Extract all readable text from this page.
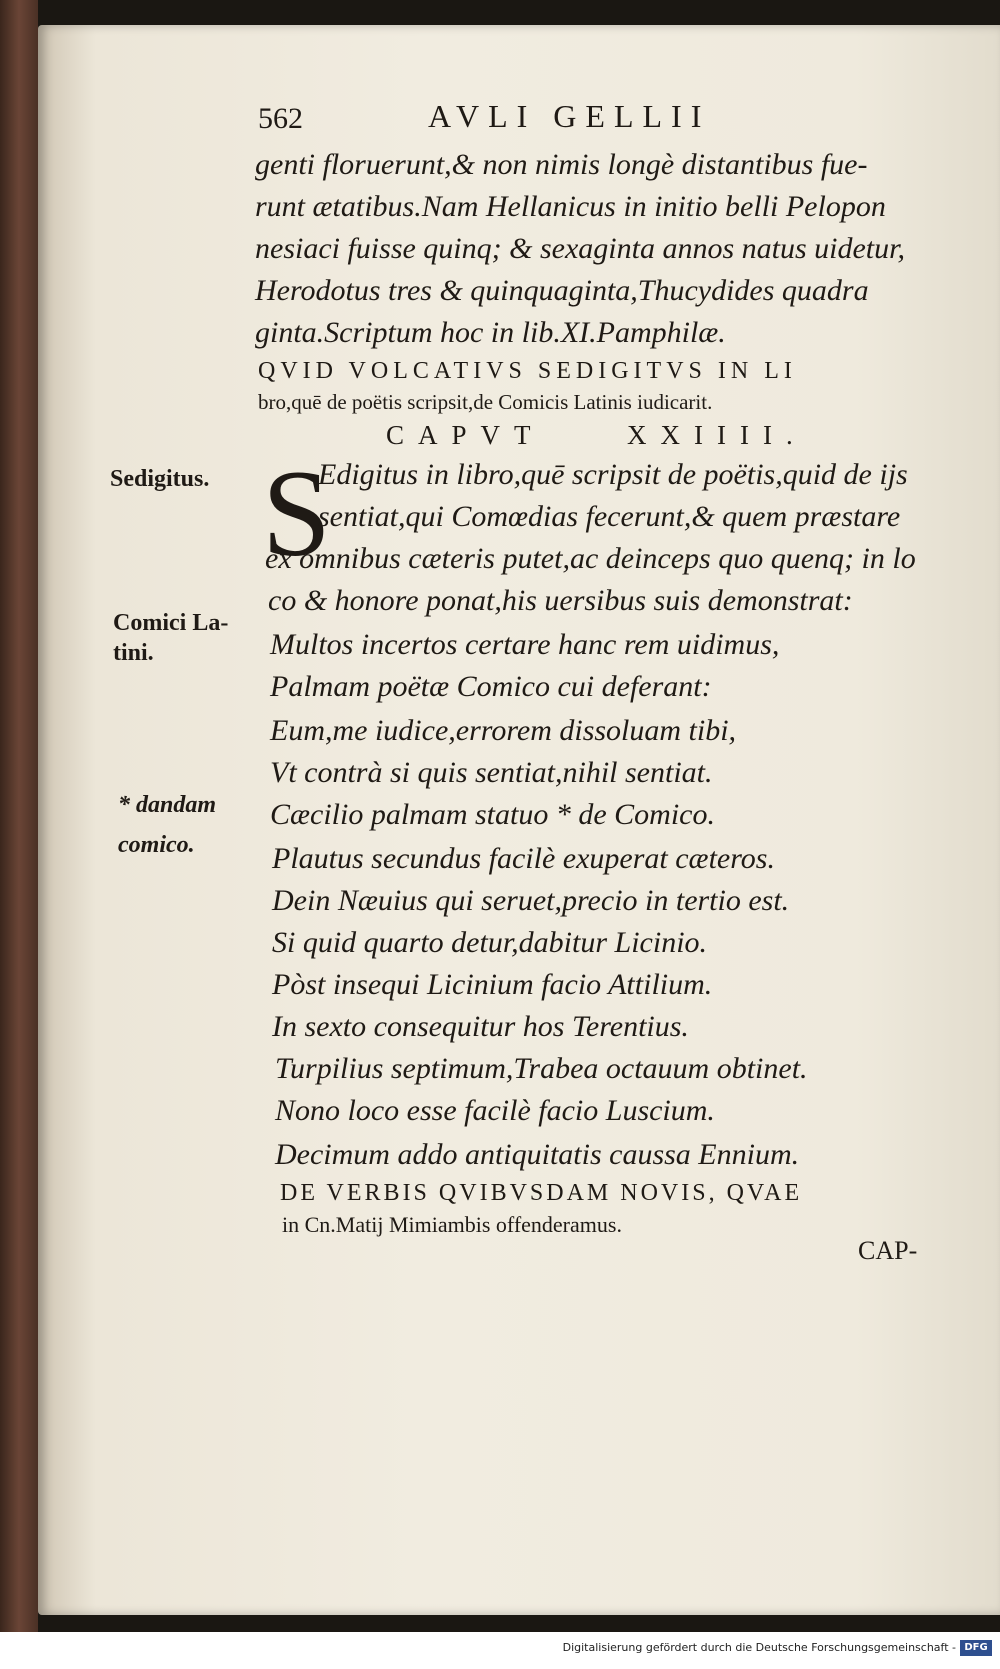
562	AVLI GELLII
genti floruerunt,& non nimis longè distantibus fue-
runt ætatibus.Nam Hellanicus in initio belli Pelopon
nesiaci fuisse quinq; & sexaginta annos natus uidetur,
Herodotus tres & quinquaginta,Thucydides quadra
ginta.Scriptum hoc in lib.XI.Pamphilæ.
QVID VOLCATIVS SEDIGITVS IN LI
bro,quē de poëtis scripsit,de Comicis Latinis iudicarit.
CAPVT    XXIIII.
S
Edigitus in libro,quē scripsit de poëtis,quid de ijs
sentiat,qui Comœdias fecerunt,& quem præstare
ex omnibus cæteris putet,ac deinceps quo quenq; in lo
co & honore ponat,his uersibus suis demonstrat:
Multos incertos certare hanc rem uidimus,
Palmam poëtæ Comico cui deferant:
Eum,me iudice,errorem dissoluam tibi,
Vt contrà si quis sentiat,nihil sentiat.
Cæcilio palmam statuo * de Comico.
Plautus secundus facilè exuperat cæteros.
Dein Næuius qui seruet,precio in tertio est.
Si quid quarto detur,dabitur Licinio.
Pòst insequi Licinium facio Attilium.
In sexto consequitur hos Terentius.
Turpilius septimum,Trabea octauum obtinet.
Nono loco esse facilè facio Luscium.
Decimum addo antiquitatis caussa Ennium.
DE VERBIS QVIBVSDAM NOVIS, QVAE
in Cn.Matij Mimiambis offenderamus.
CAP-
Sedigitus.
Comici La-
tini.
* dandam
comico.
Digitalisierung gefördert durch die Deutsche Forschungsgemeinschaft - DFG
